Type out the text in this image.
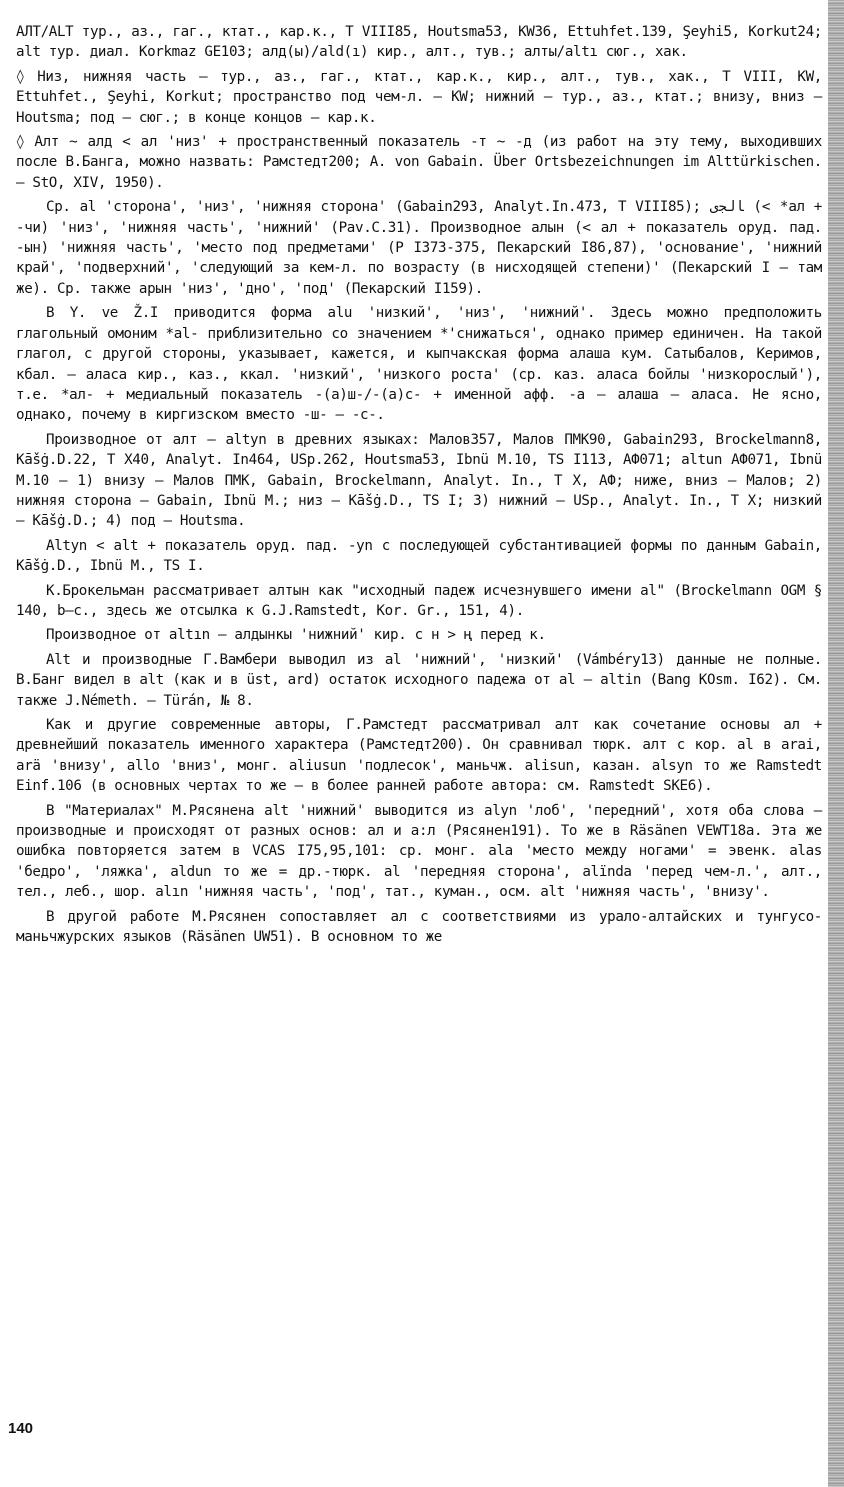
АЛТ/ALT тур., аз., гаг., ктат., кар.к., T VIII85, Houtsma53, KW36, Ettuhfet.139, Şeyhi5, Korkut24; alt тур. диал. Korkmaz GE103; алд(ы)/ald(ı) кир., алт., тув.; алты/altı сюг., хак.

◊ Низ, нижняя часть – тур., аз., гаг., ктат., кар.к., кир., алт., тув., хак., T VIII, KW, Ettuhfet., Şeyhi, Korkut; пространство под чем-л. – KW; нижний – тур., аз., ктат.; внизу, вниз – Houtsma; под – сюг.; в конце концов – кар.к.

◊ Алт ~ алд < ал 'низ' + пространственный показатель -т ~ -д (из работ на эту тему, выходивших после В.Банга, можно назвать: Рамстедт200; A. von Gabain. Über Ortsbezeichnungen im Alttürkischen. – StO, XIV, 1950).

Ср. al 'сторона', 'низ', 'нижняя сторона' (Gabain293, Analyt.In.473, T VIII85); ﺎﻟﺠﻯ (< *ал + -чи) 'низ', 'нижняя часть', 'нижний' (Pav.C.31). Производное алын (< ал + показатель оруд. пад. -ын) 'нижняя часть', 'место под предметами' (P I373-375, Пекарский I86,87), 'основание', 'нижний край', 'подверхний', 'следующий за кем-л. по возрасту (в нисходящей степени)' (Пекарский I – там же). Ср. также арын 'низ', 'дно', 'под' (Пекарский I159).

В Y. ve Ž.I приводится форма alu 'низкий', 'низ', 'нижний'. Здесь можно предположить глагольный омоним *al- приблизительно со значением *'снижаться', однако пример единичен. На такой глагол, с другой стороны, указывает, кажется, и кыпчакская форма алаша кум. Сатыбалов, Керимов, кбал. – аласа кир., каз., ккал. 'низкий', 'низкого роста' (ср. каз. аласа бойлы 'низкорослый'), т.е. *ал- + медиальный показатель -(а)ш-/-(а)с- + именной афф. -а – алаша – аласа. Не ясно, однако, почему в киргизском вместо -ш- – -с-.

Производное от алт – altyn в древних языках: Малов357, Малов ПМК90, Gabain293, Brockelmann8, Kāšġ.D.22, T X40, Analyt. In464, USp.262, Houtsma53, Ibnü M.10, TS I113, АФ071; altun АФ071, Ibnü M.10 – 1) внизу – Малов ПМК, Gabain, Brockelmann, Analyt. In., T X, АФ; ниже, вниз – Малов; 2) нижняя сторона – Gabain, Ibnü M.; низ – Kāšġ.D., TS I; 3) нижний – USp., Analyt. In., T X; низкий – Kāšġ.D.; 4) под – Houtsma.

Altyn < alt + показатель оруд. пад. -yn с последующей субстантивацией формы по данным Gabain, Kāšġ.D., Ibnü M., TS I.

К.Брокельман рассматривает алтын как "исходный падеж исчезнувшего имени al" (Brockelmann OGM § 140, b–c., здесь же отсылка к G.J.Ramstedt, Kor. Gr., 151, 4).

Производное от altın – алдынкы 'нижний' кир. с н > ң перед к.

Alt и производные Г.Вамбери выводил из al 'нижний', 'низкий' (Vámbéry13) данные не полные. В.Банг видел в alt (как и в üst, ard) остаток исходного падежа от al – altin (Bang KOsm. I62). См. также J.Németh. – Türán, № 8.

Как и другие современные авторы, Г.Рамстедт рассматривал алт как сочетание основы ал + древнейший показатель именного характера (Рамстедт200). Он сравнивал тюрк. алт с кор. al в arai, arä 'внизу', allo 'вниз', монг. aliusun 'подлесок', маньчж. alisun, казан. alsyn то же Ramstedt Einf.106 (в основных чертах то же – в более ранней работе автора: см. Ramstedt SKE6).

В "Материалах" М.Рясянена alt 'нижний' выводится из alyn 'лоб', 'передний', хотя оба слова – производные и происходят от разных основ: ал и а:л (Рясянен191). То же в Räsänen VEWT18a. Эта же ошибка повторяется затем в VCAS I75,95,101: ср. монг. ala 'место между ногами' = эвенк. alas 'бедро', 'ляжка', aldun то же = др.-тюрк. al 'передняя сторона', alïnda 'перед чем-л.', алт., тел., леб., шор. alın 'нижняя часть', 'под', тат., куман., осм. alt 'нижняя часть', 'внизу'.

В другой работе М.Рясянен сопоставляет ал с соответствиями из урало-алтайских и тунгусо-маньчжурских языков (Räsänen UW51). В основном то же

140
